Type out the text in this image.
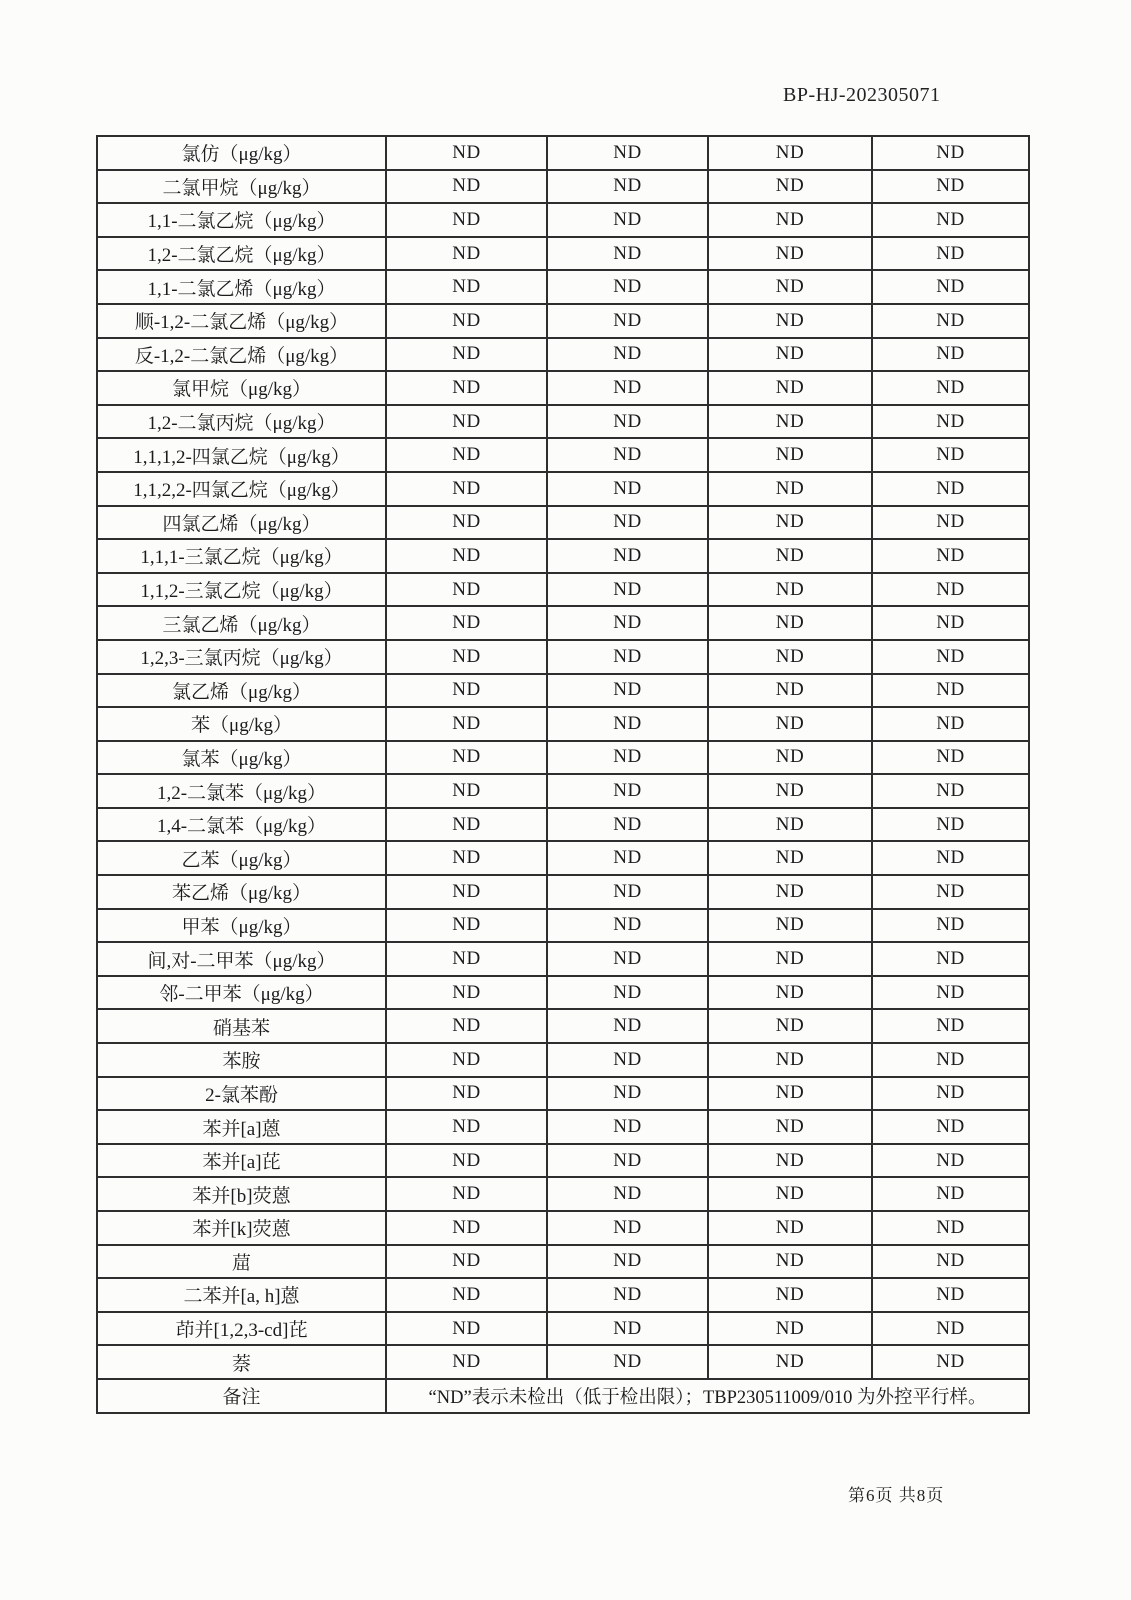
BP-HJ-202305071
氯仿（μg/kg）	ND	ND	ND	ND
二氯甲烷（μg/kg）	ND	ND	ND	ND
1,1-二氯乙烷（μg/kg）	ND	ND	ND	ND
1,2-二氯乙烷（μg/kg）	ND	ND	ND	ND
1,1-二氯乙烯（μg/kg）	ND	ND	ND	ND
顺-1,2-二氯乙烯（μg/kg）	ND	ND	ND	ND
反-1,2-二氯乙烯（μg/kg）	ND	ND	ND	ND
氯甲烷（μg/kg）	ND	ND	ND	ND
1,2-二氯丙烷（μg/kg）	ND	ND	ND	ND
1,1,1,2-四氯乙烷（μg/kg）	ND	ND	ND	ND
1,1,2,2-四氯乙烷（μg/kg）	ND	ND	ND	ND
四氯乙烯（μg/kg）	ND	ND	ND	ND
1,1,1-三氯乙烷（μg/kg）	ND	ND	ND	ND
1,1,2-三氯乙烷（μg/kg）	ND	ND	ND	ND
三氯乙烯（μg/kg）	ND	ND	ND	ND
1,2,3-三氯丙烷（μg/kg）	ND	ND	ND	ND
氯乙烯（μg/kg）	ND	ND	ND	ND
苯（μg/kg）	ND	ND	ND	ND
氯苯（μg/kg）	ND	ND	ND	ND
1,2-二氯苯（μg/kg）	ND	ND	ND	ND
1,4-二氯苯（μg/kg）	ND	ND	ND	ND
乙苯（μg/kg）	ND	ND	ND	ND
苯乙烯（μg/kg）	ND	ND	ND	ND
甲苯（μg/kg）	ND	ND	ND	ND
间,对-二甲苯（μg/kg）	ND	ND	ND	ND
邻-二甲苯（μg/kg）	ND	ND	ND	ND
硝基苯	ND	ND	ND	ND
苯胺	ND	ND	ND	ND
2-氯苯酚	ND	ND	ND	ND
苯并[a]蒽	ND	ND	ND	ND
苯并[a]芘	ND	ND	ND	ND
苯并[b]荧蒽	ND	ND	ND	ND
苯并[k]荧蒽	ND	ND	ND	ND
䓛	ND	ND	ND	ND
二苯并[a, h]蒽	ND	ND	ND	ND
茚并[1,2,3-cd]芘	ND	ND	ND	ND
萘	ND	ND	ND	ND
备注	“ND”表示未检出（低于检出限）；TBP230511009/010 为外控平行样。			
第6页 共8页
